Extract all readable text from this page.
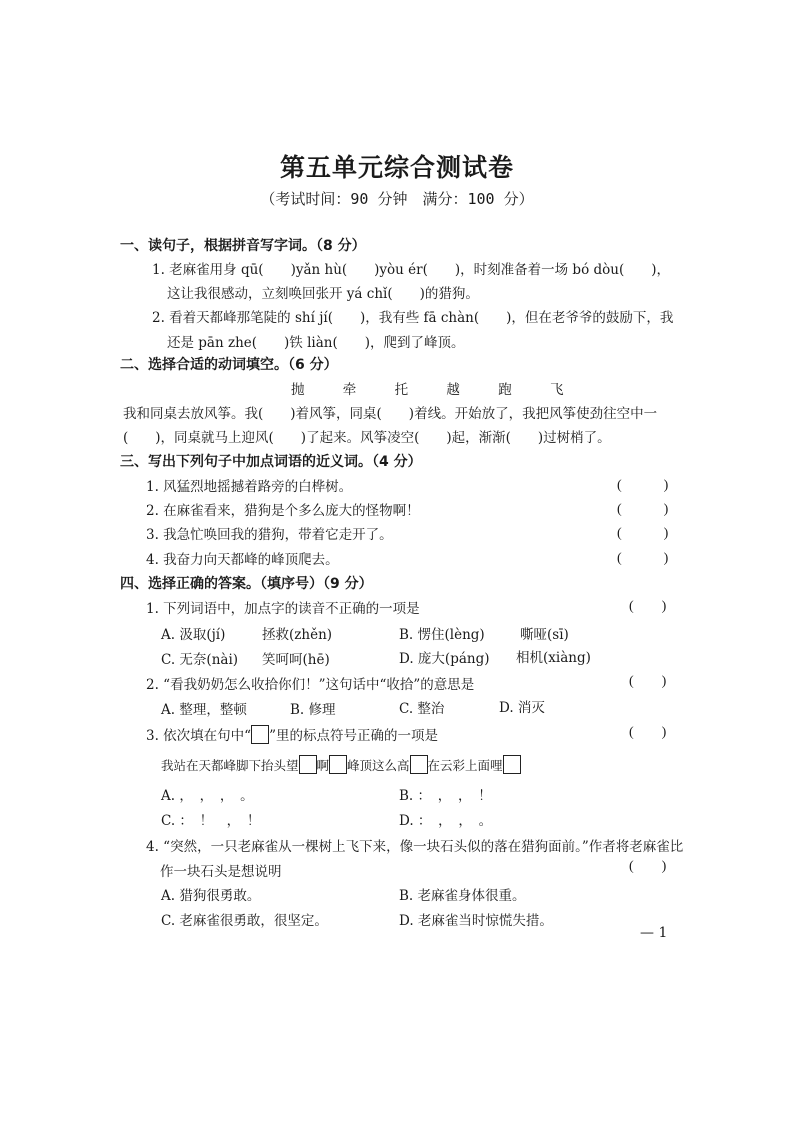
第五单元综合测试卷
（考试时间：90 分钟　满分：100 分）
一、读句子，根据拼音写字词。（8 分）
1. 老麻雀用身 qū(　　)yǎn hù(　　)yòu ér(　　)，时刻准备着一场 bó dòu(　　)，
这让我很感动，立刻唤回张开 yá chǐ(　　)的猎狗。
2. 看着天都峰那笔陡的 shí jí(　　)，我有些 fā chàn(　　)，但在老爷爷的鼓励下，我
还是 pān zhe(　　)铁 liàn(　　)，爬到了峰顶。
二、选择合适的动词填空。（6 分）
抛	牵	托	越	跑	飞
我和同桌去放风筝。我(　　)着风筝，同桌(　　)着线。开始放了，我把风筝使劲往空中一
(　　)，同桌就马上迎风(　　)了起来。风筝凌空(　　)起，渐渐(　　)过树梢了。
三、写出下列句子中加点词语的近义词。（4 分）
1. 风猛烈地摇撼着路旁的白桦树。	(　　　)
2. 在麻雀看来，猎狗是个多么庞大的怪物啊！	(　　　)
3. 我急忙唤回我的猎狗，带着它走开了。	(　　　)
4. 我奋力向天都峰的峰顶爬去。	(　　　)
四、选择正确的答案。（填序号）（9 分）
1. 下列词语中，加点字的读音不正确的一项是	(　　)
A. 汲取(jí)	拯救(zhěn)	B. 愣住(lèng)	嘶哑(sī)
C. 无奈(nài) 笑呵呵(hē)	D. 庞大(páng) 相机(xiàng)
2. “看我奶奶怎么收拾你们！”这句话中“收拾”的意思是	(　　)
A. 整理，整顿	B. 修理	C. 整治	D. 消灭
3. 依次填在句中“ ”里的标点符号正确的一项是	(　　)
我站在天都峰脚下抬头望 啊 峰顶这么高 在云彩上面哩
A. ，　，　，　。	B. ：　，　，　！
C. ：　！　，　！	D. ：　，　，　。
4. “突然，一只老麻雀从一棵树上飞下来，像一块石头似的落在猎狗面前。”作者将老麻雀比
作一块石头是想说明	(　　)
A. 猎狗很勇敢。	B. 老麻雀身体很重。
C. 老麻雀很勇敢，很坚定。	D. 老麻雀当时惊慌失措。
— 1
